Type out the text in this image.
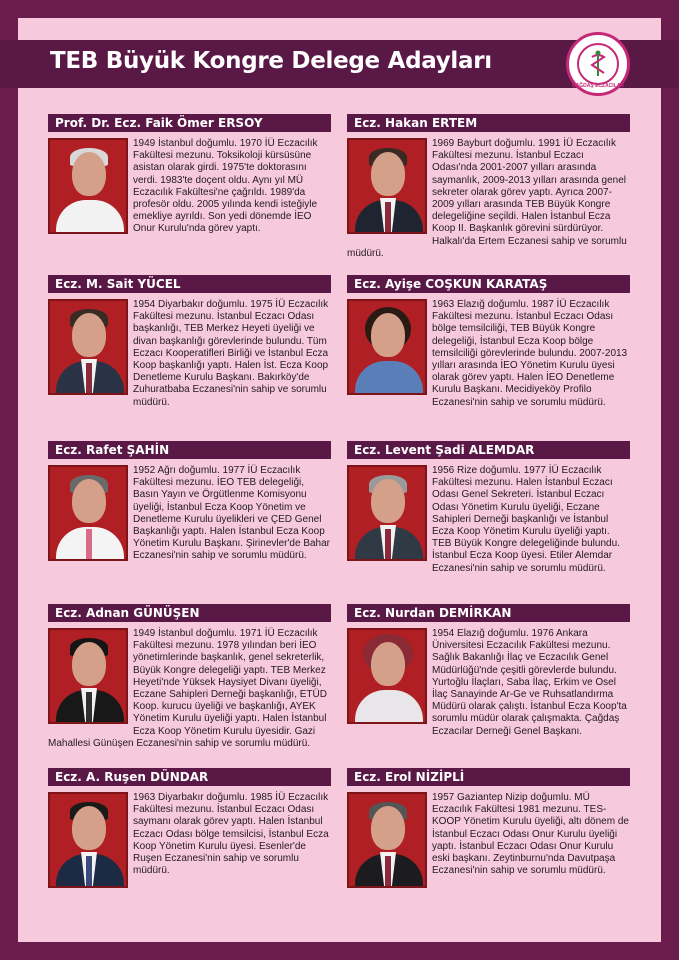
TEB Büyük Kongre Delege Adayları
ÇAĞDAŞ ECZACILAR
Prof. Dr. Ecz. Faik Ömer ERSOY
1949 İstanbul doğumlu. 1970 İÜ Eczacılık Fakültesi mezunu. Toksikoloji kürsüsüne asistan olarak girdi. 1975'te doktorasını verdi. 1983'te doçent oldu. Aynı yıl MÜ Eczacılık Fakültesi'ne çağrıldı. 1989'da profesör oldu. 2005 yılında kendi isteğiyle emekliye ayrıldı. Son yedi dönemde İEO Onur Kurulu'nda görev yaptı.
Ecz. Hakan ERTEM
1969 Bayburt doğumlu. 1991 İÜ Eczacılık Fakültesi mezunu. İstanbul Eczacı Odası'nda 2001-2007 yılları arasında saymanlık, 2009-2013 yılları arasında genel sekreter olarak görev yaptı. Ayrıca 2007-2009 yılları arasında TEB Büyük Kongre delegeliğine seçildi. Halen İstanbul Ecza Koop II. Başkanlık görevini sürdürüyor. Halkalı'da Ertem Eczanesi sahip ve sorumlu müdürü.
Ecz. M. Sait YÜCEL
1954 Diyarbakır doğumlu. 1975 İÜ Eczacılık Fakültesi mezunu. İstanbul Eczacı Odası başkanlığı, TEB Merkez Heyeti üyeliği ve divan başkanlığı görevlerinde bulundu. Tüm Eczacı Kooperatifleri Birliği ve İstanbul Ecza Koop başkanlığı yaptı. Halen İst. Ecza Koop Denetleme Kurulu Başkanı. Bakırköy'de Zuhuratbaba Eczanesi'nin sahip ve sorumlu müdürü.
Ecz. Ayişe COŞKUN KARATAŞ
1963 Elazığ doğumlu. 1987 İÜ Eczacılık Fakültesi mezunu. İstanbul Eczacı Odası bölge temsilciliği, TEB Büyük Kongre delegeliği, İstanbul Ecza Koop bölge temsilciliği görevlerinde bulundu. 2007-2013 yılları arasında İEO Yönetim Kurulu üyesi olarak görev yaptı. Halen İEO Denetleme Kurulu Başkanı. Mecidiyeköy Profilo Eczanesi'nin sahip ve sorumlu müdürü.
Ecz. Rafet ŞAHİN
1952 Ağrı doğumlu. 1977 İÜ Eczacılık Fakültesi mezunu. İEO TEB delegeliği, Basın Yayın ve Örgütlenme Komisyonu üyeliği, İstanbul Ecza Koop Yönetim ve Denetleme Kurulu üyelikleri ve ÇED Genel Başkanlığı yaptı. Halen İstanbul Ecza Koop Yönetim Kurulu Başkanı. Şirinevler'de Bahar Eczanesi'nin sahip ve sorumlu müdürü.
Ecz. Levent Şadi ALEMDAR
1956 Rize doğumlu. 1977 İÜ Eczacılık Fakültesi mezunu. Halen İstanbul Eczacı Odası Genel Sekreteri. İstanbul Eczacı Odası Yönetim Kurulu üyeliği, Eczane Sahipleri Derneği başkanlığı ve İstanbul Ecza Koop Yönetim Kurulu üyeliği yaptı. TEB Büyük Kongre delegeliğinde bulundu. İstanbul Ecza Koop üyesi. Etiler Alemdar Eczanesi'nin sahip ve sorumlu müdürü.
Ecz. Adnan GÜNÜŞEN
1949 İstanbul doğumlu. 1971 İÜ Eczacılık Fakültesi mezunu. 1978 yılından beri İEO yönetimlerinde başkanlık, genel sekreterlik, Büyük Kongre delegeliği yaptı. TEB Merkez Heyeti'nde Yüksek Haysiyet Divanı üyeliği, Eczane Sahipleri Derneği başkanlığı, ETÜD Koop. kurucu üyeliği ve başkanlığı, AYEK Yönetim Kurulu üyeliği yaptı. Halen İstanbul Ecza Koop Yönetim Kurulu üyesidir. Gazi Mahallesi Günüşen Eczanesi'nin sahip ve sorumlu müdürü.
Ecz. Nurdan DEMİRKAN
1954 Elazığ doğumlu. 1976 Ankara Üniversitesi Eczacılık Fakültesi mezunu. Sağlık Bakanlığı İlaç ve Eczacılık Genel Müdürlüğü'nde çeşitli görevlerde bulundu. Yurtoğlu İlaçları, Saba İlaç, Erkim ve Osel İlaç Sanayinde Ar-Ge ve Ruhsatlandırma Müdürü olarak çalıştı. İstanbul Ecza Koop'ta sorumlu müdür olarak çalışmakta. Çağdaş Eczacılar Derneği Genel Başkanı.
Ecz. A. Ruşen DÜNDAR
1963 Diyarbakır doğumlu. 1985 İÜ Eczacılık Fakültesi mezunu. İstanbul Eczacı Odası saymanı olarak görev yaptı. Halen İstanbul Eczacı Odası bölge temsilcisi, İstanbul Ecza Koop Yönetim Kurulu üyesi. Esenler'de Ruşen Eczanesi'nin sahip ve sorumlu müdürü.
Ecz. Erol NİZİPLİ
1957 Gaziantep Nizip doğumlu. MÜ Eczacılık Fakültesi 1981 mezunu. TES-KOOP Yönetim Kurulu üyeliği, altı dönem de İstanbul Eczacı Odası Onur Kurulu üyeliği yaptı. İstanbul Eczacı Odası Onur Kurulu eski başkanı. Zeytinburnu'nda Davutpaşa Eczanesi'nin sahip ve sorumlu müdürü.
